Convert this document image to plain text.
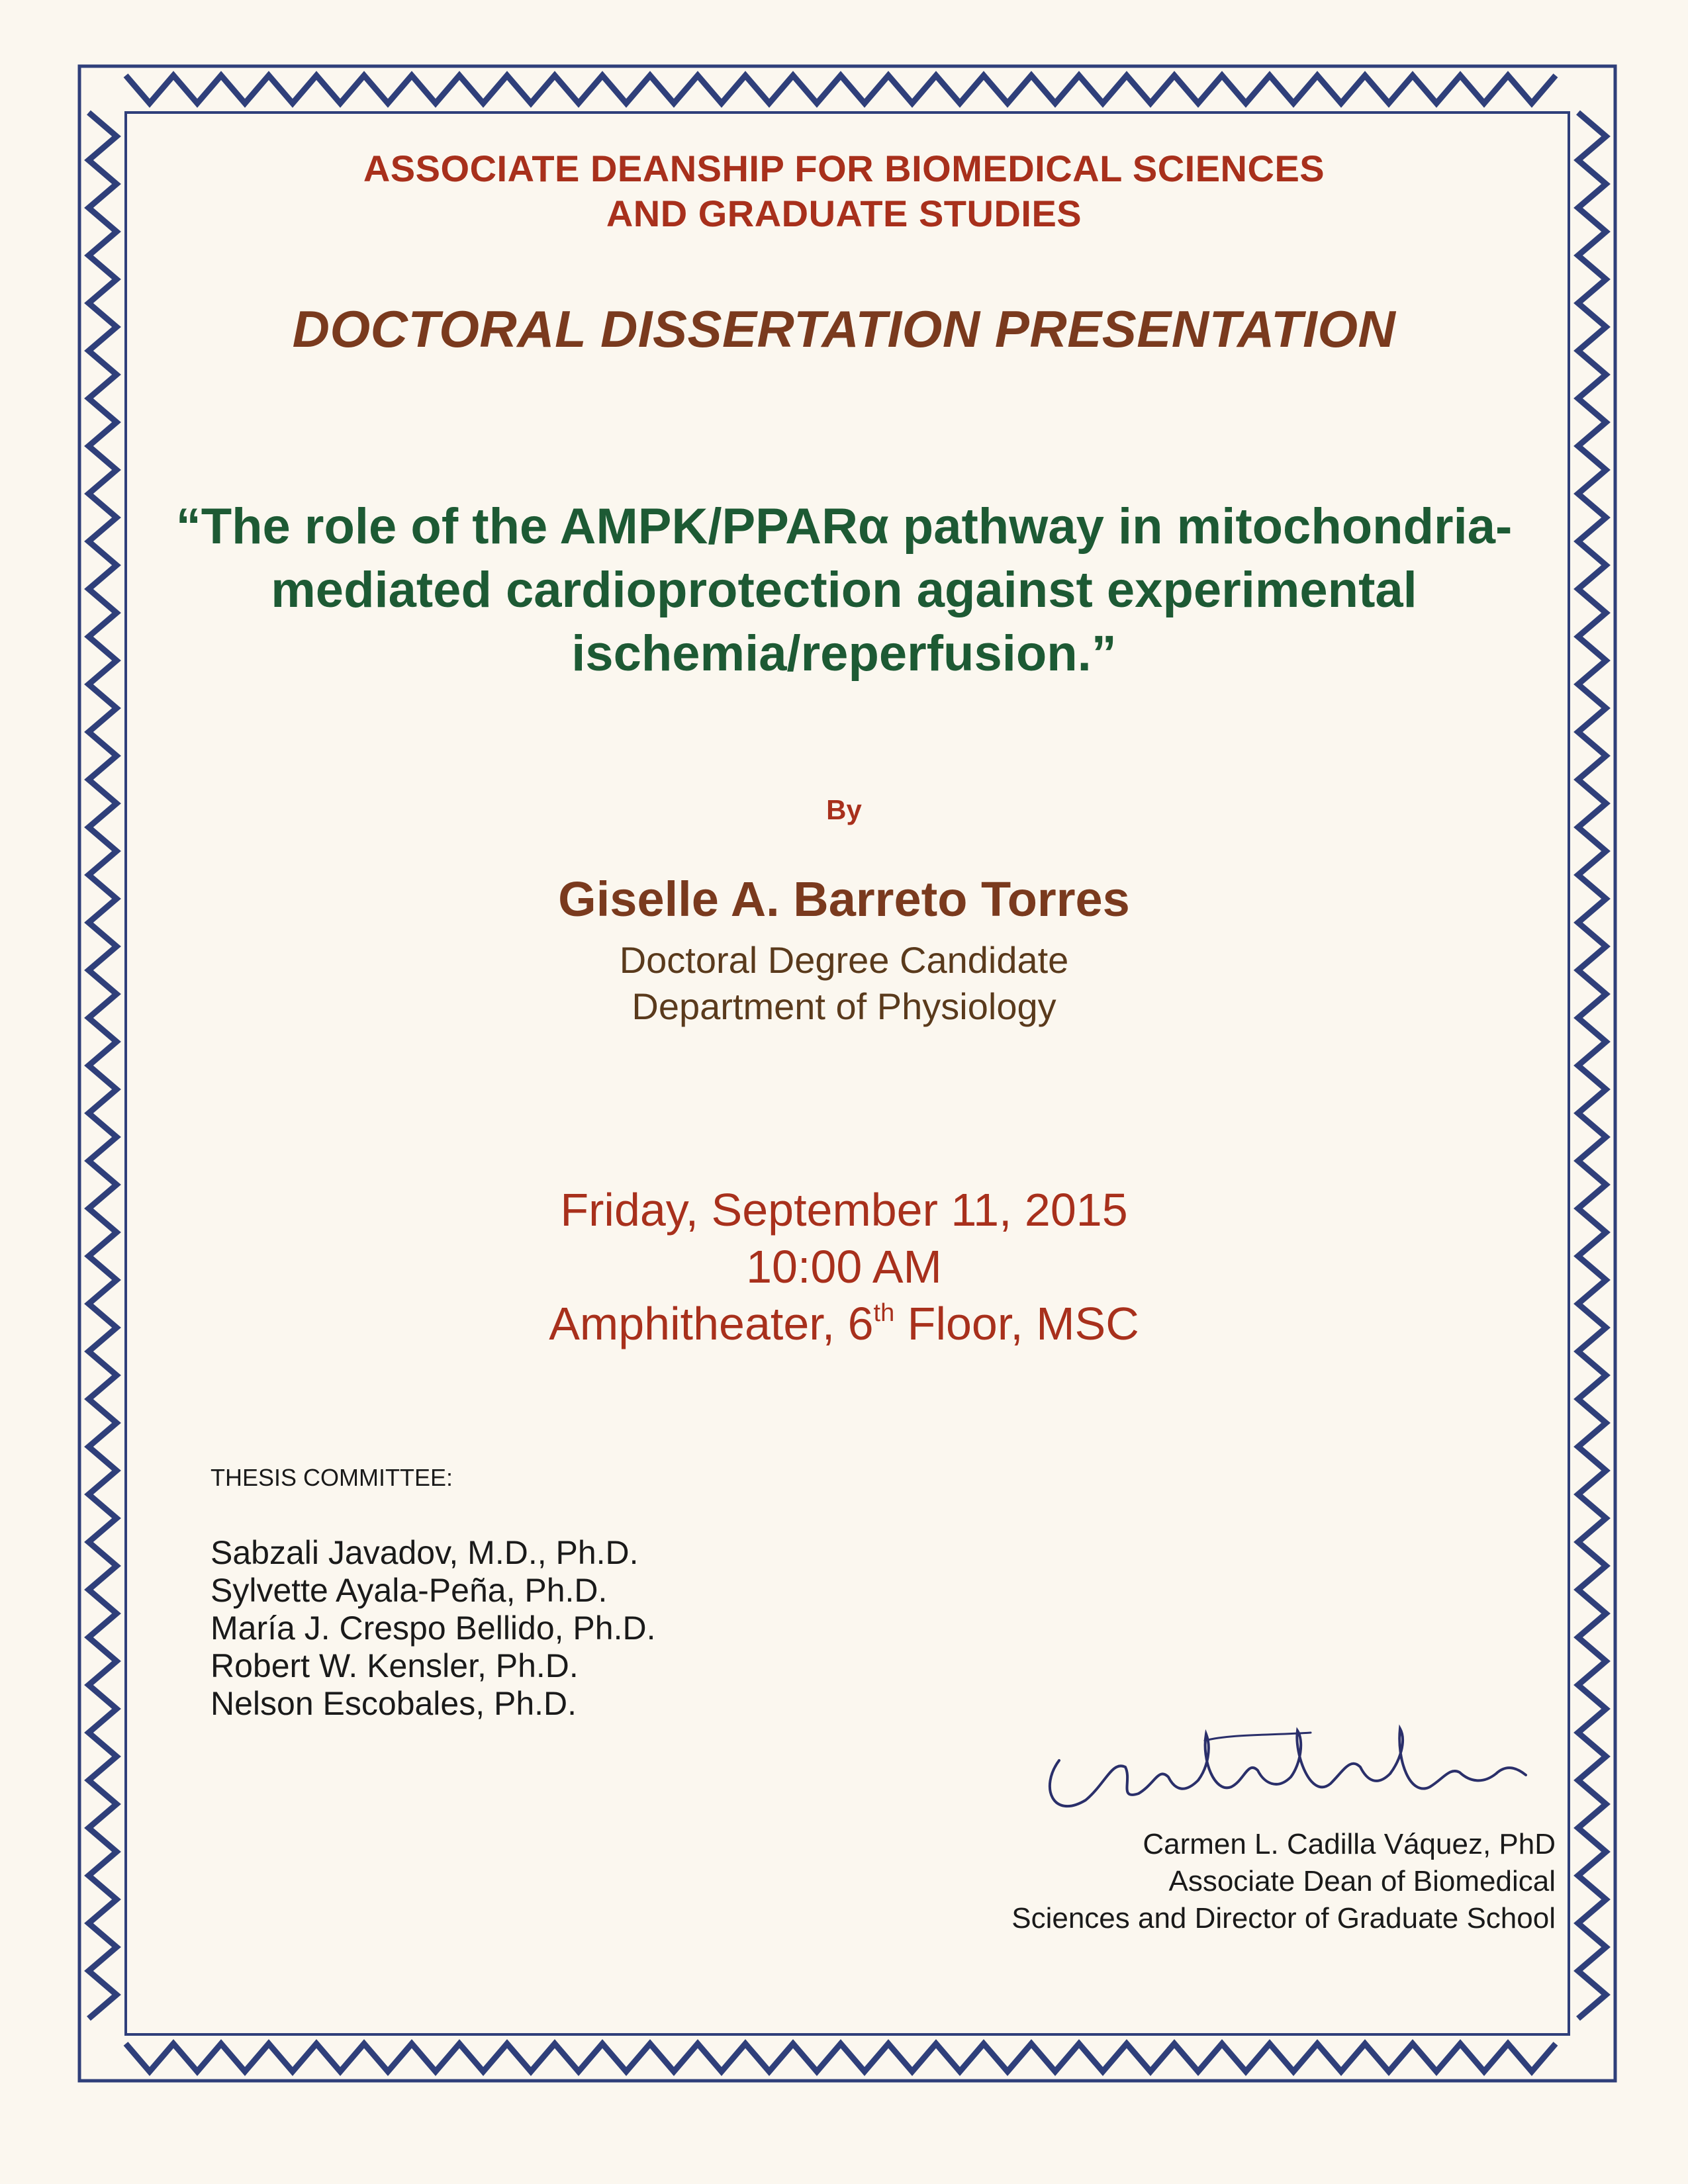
ASSOCIATE DEANSHIP FOR BIOMEDICAL SCIENCES
AND GRADUATE STUDIES
DOCTORAL DISSERTATION PRESENTATION
“The role of the AMPK/PPARα pathway in mitochondria-
mediated cardioprotection against experimental
ischemia/reperfusion.”
By
Giselle A. Barreto Torres
Doctoral Degree Candidate
Department of Physiology
Friday, September 11, 2015
10:00 AM
Amphitheater, 6th Floor, MSC
THESIS COMMITTEE:
Sabzali Javadov, M.D., Ph.D.
Sylvette Ayala-Peña, Ph.D.
María J. Crespo Bellido, Ph.D.
Robert W. Kensler, Ph.D.
Nelson Escobales, Ph.D.
Carmen L. Cadilla Váquez, PhD
Associate Dean of Biomedical
Sciences and Director of Graduate School
